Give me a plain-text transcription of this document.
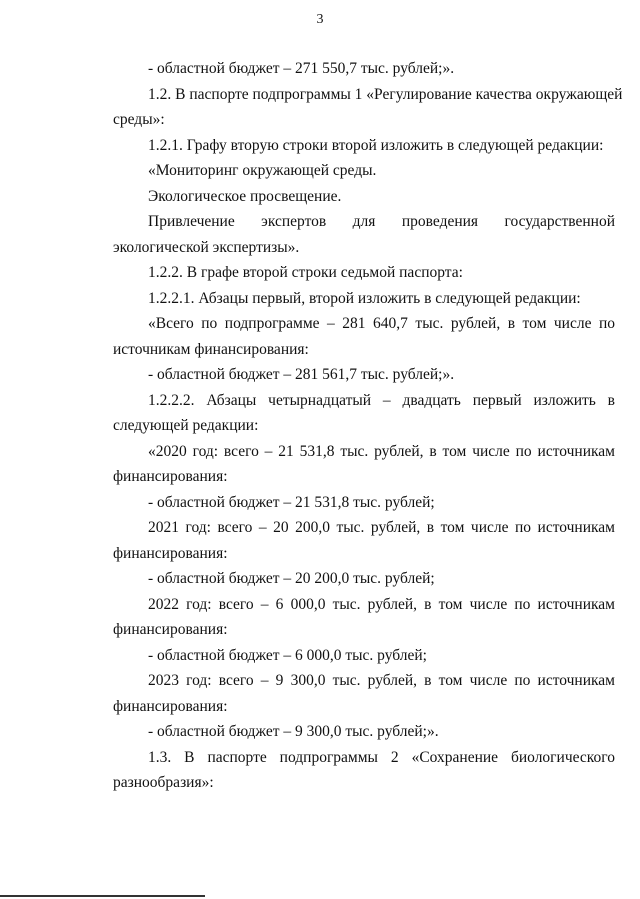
3
- областной бюджет – 271 550,7 тыс. рублей;».
1.2. В паспорте подпрограммы 1 «Регулирование качества окружающей
среды»:
1.2.1. Графу вторую строки второй изложить в следующей редакции:
«Мониторинг окружающей среды.
Экологическое просвещение.
Привлечение экспертов для проведения государственной
экологической экспертизы».
1.2.2. В графе второй строки седьмой паспорта:
1.2.2.1. Абзацы первый, второй изложить в следующей редакции:
«Всего по подпрограмме – 281 640,7 тыс. рублей, в том числе по
источникам финансирования:
- областной бюджет – 281 561,7 тыс. рублей;».
1.2.2.2. Абзацы четырнадцатый – двадцать первый изложить в
следующей редакции:
«2020 год: всего – 21 531,8 тыс. рублей, в том числе по источникам
финансирования:
- областной бюджет – 21 531,8 тыс. рублей;
2021 год: всего – 20 200,0 тыс. рублей, в том числе по источникам
финансирования:
- областной бюджет – 20 200,0 тыс. рублей;
2022 год: всего – 6 000,0 тыс. рублей, в том числе по источникам
финансирования:
- областной бюджет – 6 000,0 тыс. рублей;
2023 год: всего – 9 300,0 тыс. рублей, в том числе по источникам
финансирования:
- областной бюджет – 9 300,0 тыс. рублей;».
1.3. В паспорте подпрограммы 2 «Сохранение биологического
разнообразия»:
